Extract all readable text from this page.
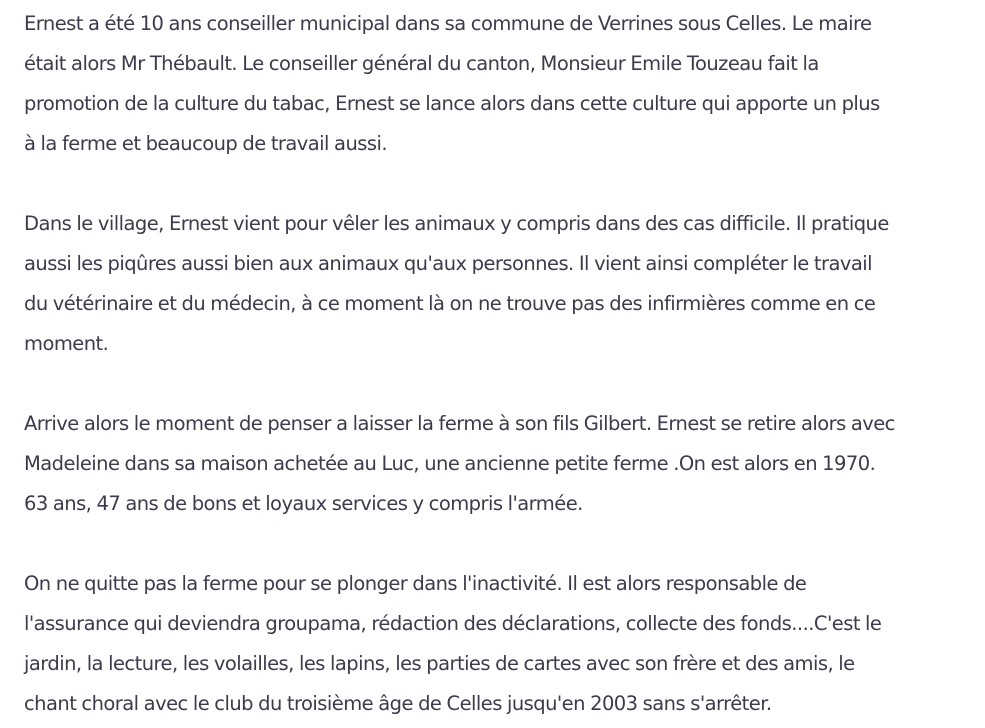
Ernest a été 10 ans conseiller municipal dans sa commune de Verrines sous Celles. Le maire
était alors Mr Thébault. Le conseiller général du canton, Monsieur Emile Touzeau fait la
promotion de la culture du tabac, Ernest se lance alors dans cette culture qui apporte un plus
à la ferme et beaucoup de travail aussi.

Dans le village, Ernest vient pour vêler les animaux y compris dans des cas difficile. Il pratique
aussi les piqûres aussi bien aux animaux qu'aux personnes. Il vient ainsi compléter le travail
du vétérinaire et du médecin, à ce moment là on ne trouve pas des infirmières comme en ce
moment.

Arrive alors le moment de penser a laisser la ferme à son fils Gilbert. Ernest se retire alors avec
Madeleine dans sa maison achetée au Luc, une ancienne petite ferme .On est alors en 1970.
63 ans, 47 ans de bons et loyaux services y compris l'armée.

On ne quitte pas la ferme pour se plonger dans l'inactivité. Il est alors responsable de
l'assurance qui deviendra groupama, rédaction des déclarations, collecte des fonds....C'est le
jardin, la lecture, les volailles, les lapins, les parties de cartes avec son frère et des amis, le
chant choral avec le club du troisième âge de Celles jusqu'en 2003 sans s'arrêter.
